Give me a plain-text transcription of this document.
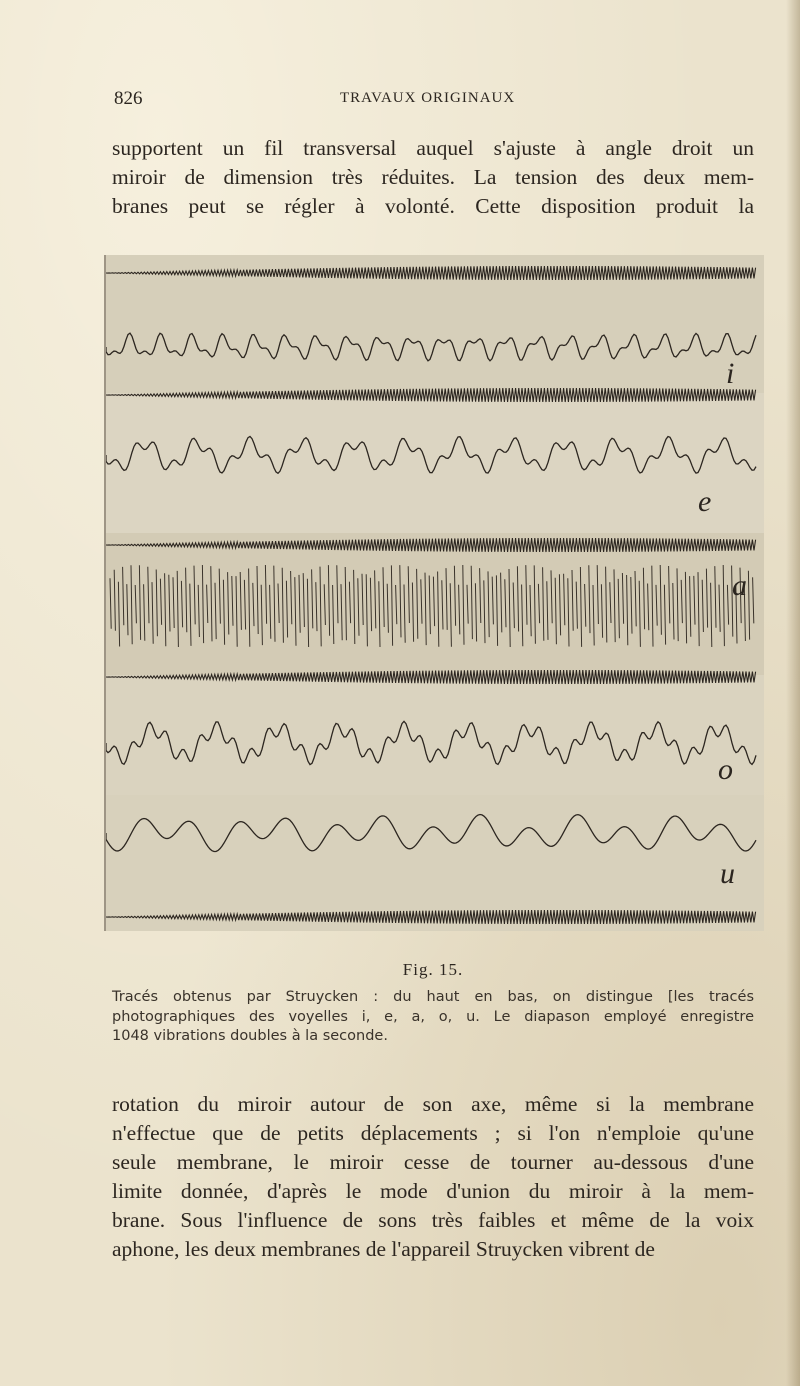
826	TRAVAUX ORIGINAUX

supportent un fil transversal auquel s'ajuste à angle droit un
miroir de dimension très réduites. La tension des deux mem-
branes peut se régler à volonté. Cette disposition produit la

i
e
a
o
u
Fig. 15.

Tracés obtenus par Struycken : du haut en bas, on distingue [les tracés
photographiques des voyelles i, e, a, o, u. Le diapason employé enregistre
1048 vibrations doubles à la seconde.

rotation du miroir autour de son axe, même si la membrane
n'effectue que de petits déplacements ; si l'on n'emploie qu'une
seule membrane, le miroir cesse de tourner au-dessous d'une
limite donnée, d'après le mode d'union du miroir à la mem-
brane. Sous l'influence de sons très faibles et même de la voix
aphone, les deux membranes de l'appareil Struycken vibrent de
